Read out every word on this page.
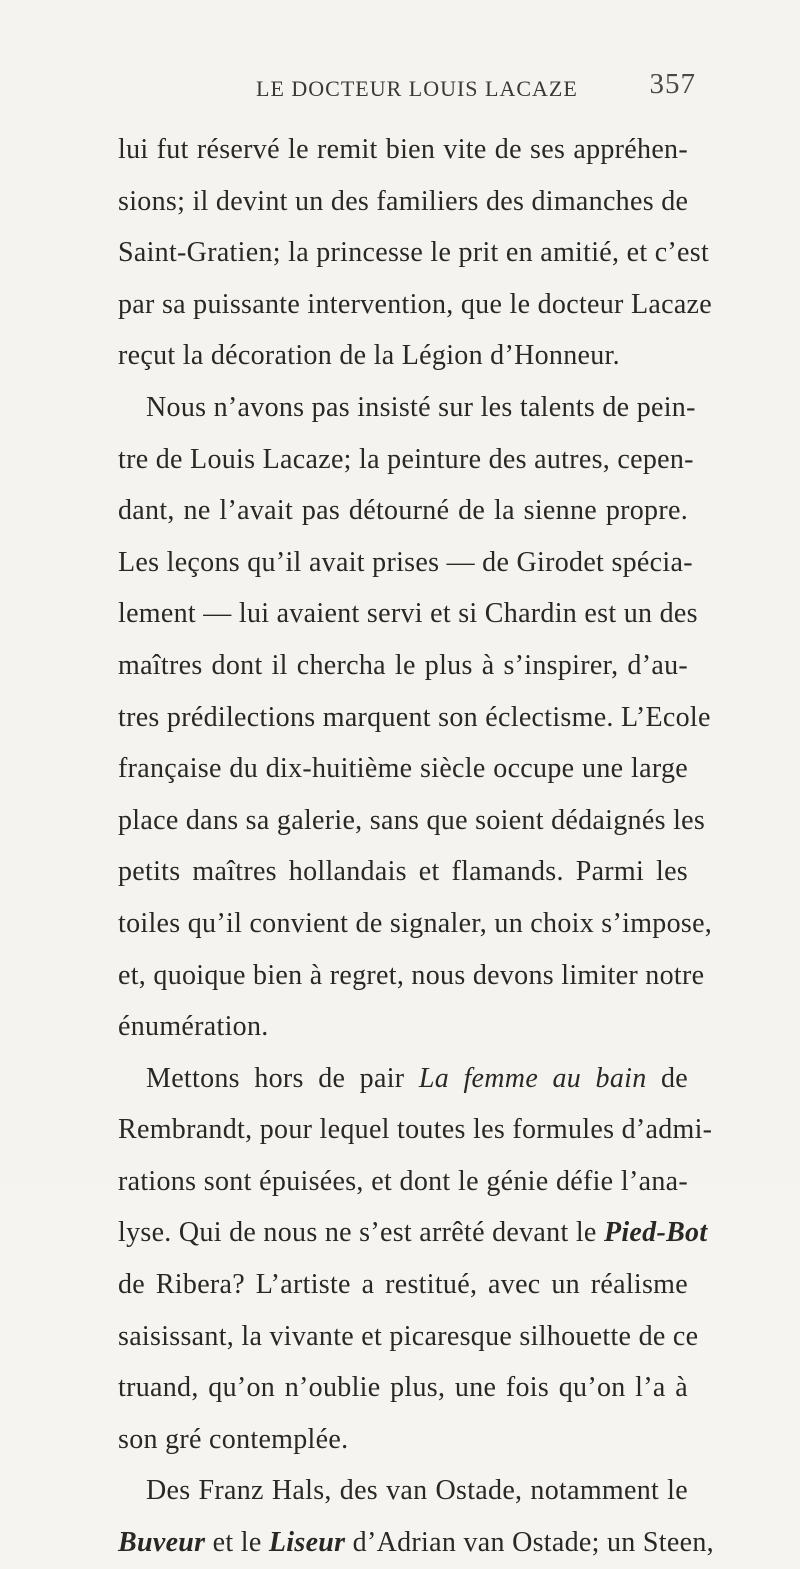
LE DOCTEUR LOUIS LACAZE 357
lui fut réservé le remit bien vite de ses appréhen-
sions; il devint un des familiers des dimanches de
Saint-Gratien; la princesse le prit en amitié, et c’est
par sa puissante intervention, que le docteur Lacaze
reçut la décoration de la Légion d’Honneur.
Nous n’avons pas insisté sur les talents de pein-
tre de Louis Lacaze; la peinture des autres, cepen-
dant, ne l’avait pas détourné de la sienne propre.
Les leçons qu’il avait prises — de Girodet spécia-
lement — lui avaient servi et si Chardin est un des
maîtres dont il chercha le plus à s’inspirer, d’au-
tres prédilections marquent son éclectisme. L’Ecole
française du dix-huitième siècle occupe une large
place dans sa galerie, sans que soient dédaignés les
petits maîtres hollandais et flamands. Parmi les
toiles qu’il convient de signaler, un choix s’impose,
et, quoique bien à regret, nous devons limiter notre
énumération.
Mettons hors de pair La femme au bain de
Rembrandt, pour lequel toutes les formules d’admi-
rations sont épuisées, et dont le génie défie l’ana-
lyse. Qui de nous ne s’est arrêté devant le Pied-Bot
de Ribera? L’artiste a restitué, avec un réalisme
saisissant, la vivante et picaresque silhouette de ce
truand, qu’on n’oublie plus, une fois qu’on l’a à
son gré contemplée.
Des Franz Hals, des van Ostade, notamment le
Buveur et le Liseur d’Adrian van Ostade; un Steen,
